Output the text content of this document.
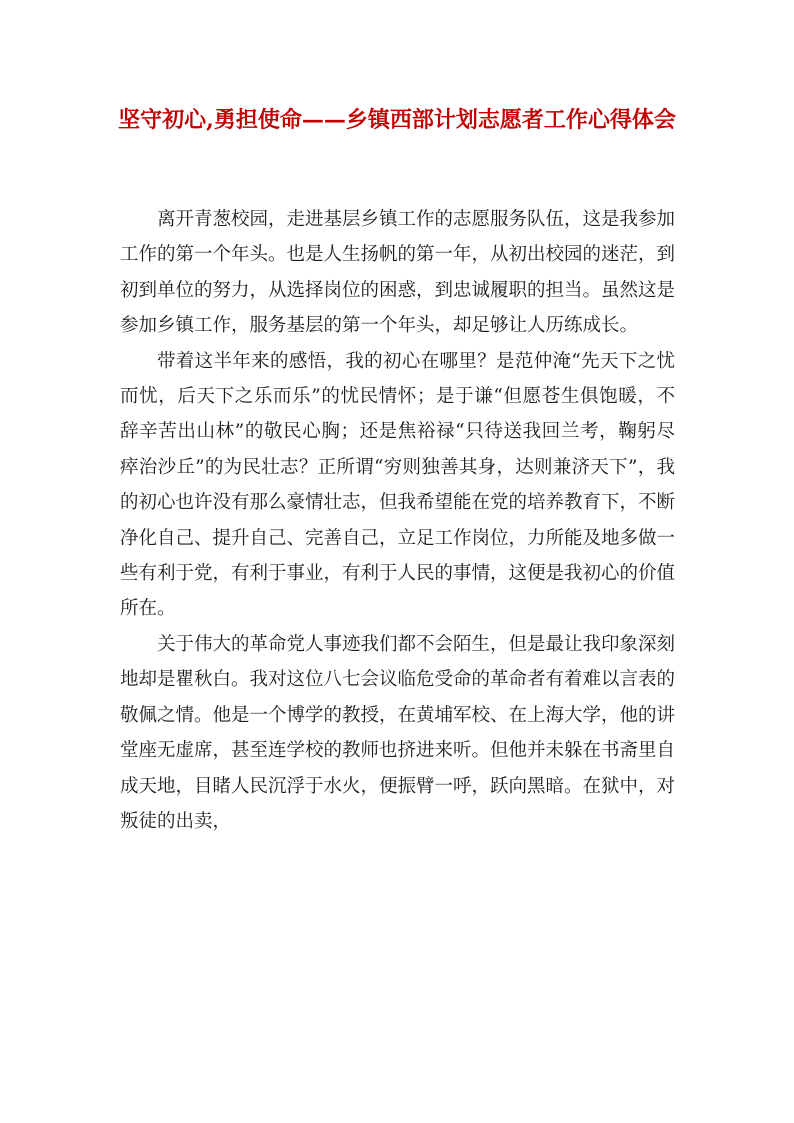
坚守初心,勇担使命——乡镇西部计划志愿者工作心得体会

离开青葱校园，走进基层乡镇工作的志愿服务队伍，这是我参加工作的第一个年头。也是人生扬帆的第一年，从初出校园的迷茫，到初到单位的努力，从选择岗位的困惑，到忠诚履职的担当。虽然这是参加乡镇工作，服务基层的第一个年头，却足够让人历练成长。

带着这半年来的感悟，我的初心在哪里？是范仲淹“先天下之忧而忧，后天下之乐而乐”的忧民情怀；是于谦“但愿苍生俱饱暖，不辞辛苦出山林”的敬民心胸；还是焦裕禄“只待送我回兰考，鞠躬尽瘁治沙丘”的为民壮志？正所谓“穷则独善其身，达则兼济天下”，我的初心也许没有那么豪情壮志，但我希望能在党的培养教育下，不断净化自己、提升自己、完善自己，立足工作岗位，力所能及地多做一些有利于党，有利于事业，有利于人民的事情，这便是我初心的价值所在。

关于伟大的革命党人事迹我们都不会陌生，但是最让我印象深刻地却是瞿秋白。我对这位八七会议临危受命的革命者有着难以言表的敬佩之情。他是一个博学的教授，在黄埔军校、在上海大学，他的讲堂座无虚席，甚至连学校的教师也挤进来听。但他并未躲在书斋里自成天地，目睹人民沉浮于水火，便振臂一呼，跃向黑暗。在狱中，对叛徒的出卖，
